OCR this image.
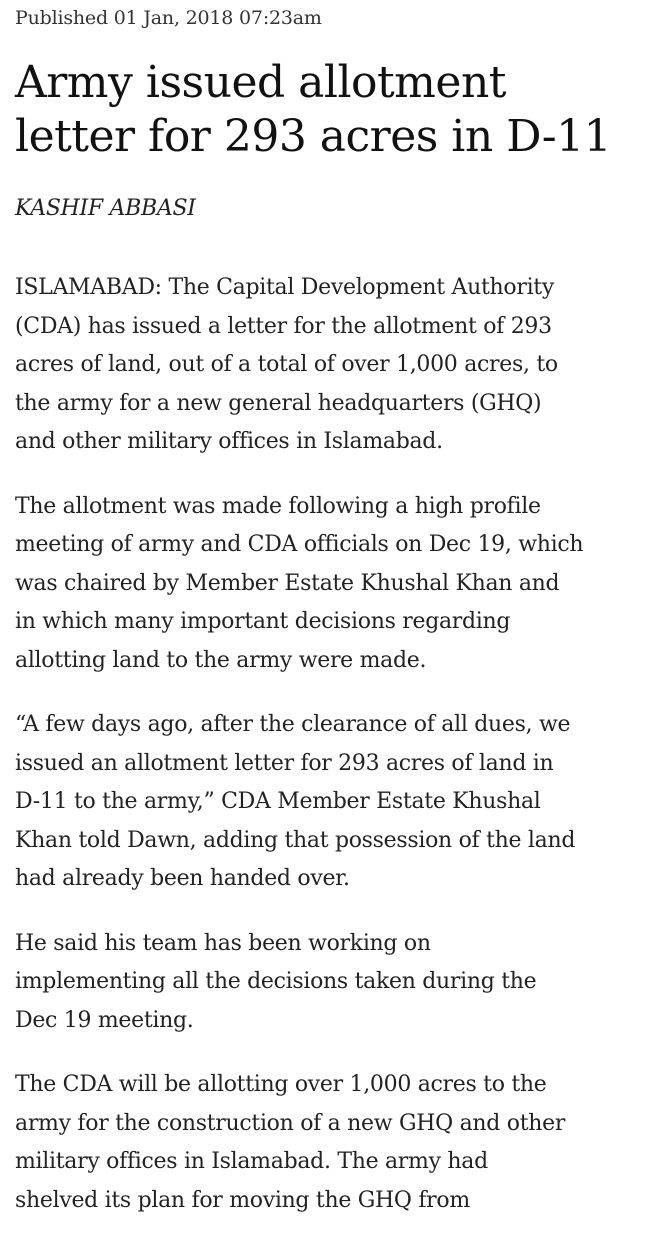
Published 01 Jan, 2018 07:23am
Army issued allotment
letter for 293 acres in D-11
KASHIF ABBASI

ISLAMABAD: The Capital Development Authority
(CDA) has issued a letter for the allotment of 293
acres of land, out of a total of over 1,000 acres, to
the army for a new general headquarters (GHQ)
and other military offices in Islamabad.

The allotment was made following a high profile
meeting of army and CDA officials on Dec 19, which
was chaired by Member Estate Khushal Khan and
in which many important decisions regarding
allotting land to the army were made.

“A few days ago, after the clearance of all dues, we
issued an allotment letter for 293 acres of land in
D-11 to the army,” CDA Member Estate Khushal
Khan told Dawn, adding that possession of the land
had already been handed over.

He said his team has been working on
implementing all the decisions taken during the
Dec 19 meeting.

The CDA will be allotting over 1,000 acres to the
army for the construction of a new GHQ and other
military offices in Islamabad. The army had
shelved its plan for moving the GHQ from
